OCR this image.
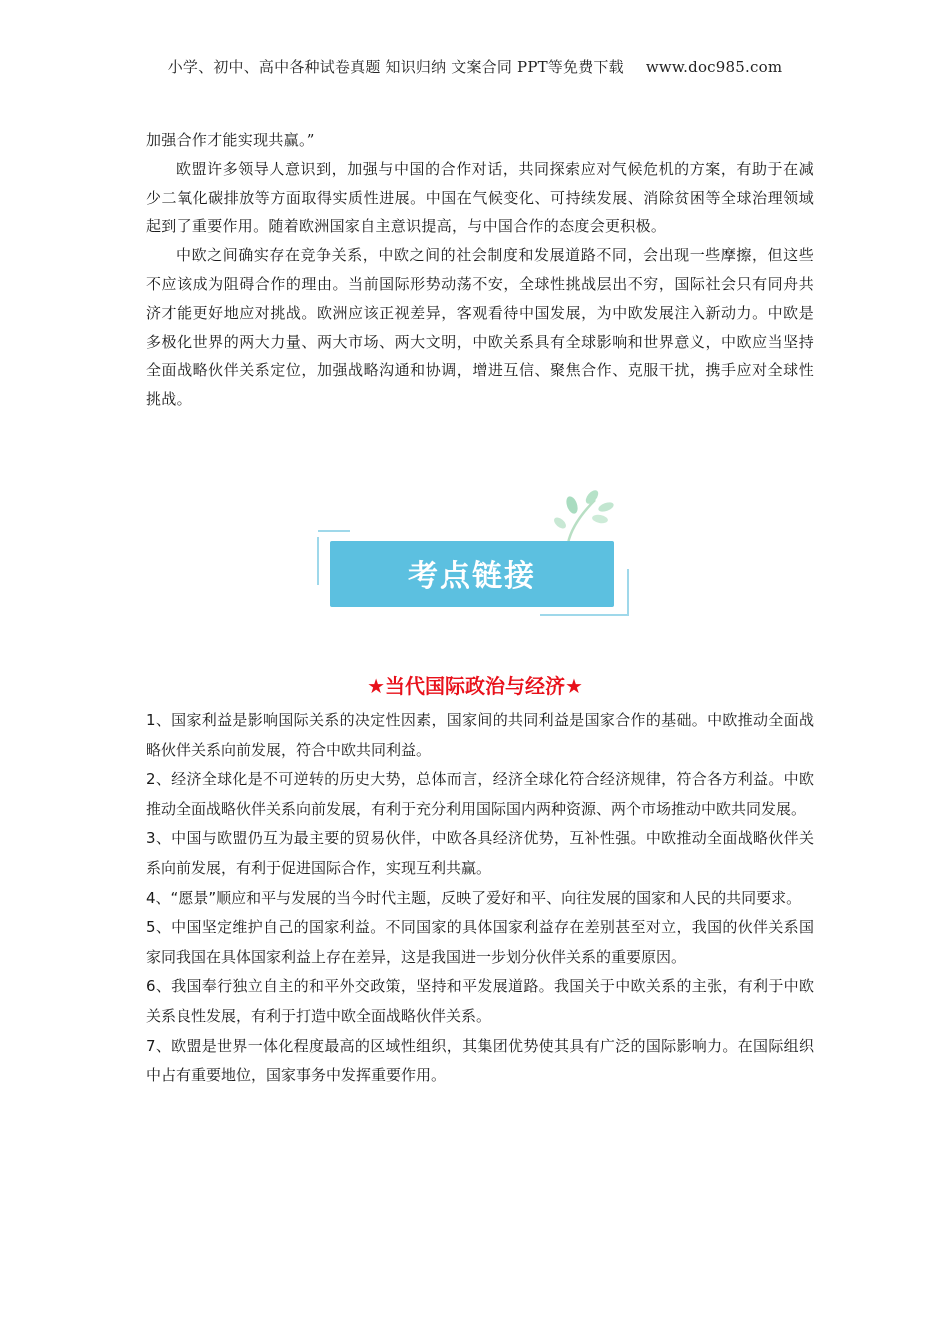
小学、初中、高中各种试卷真题 知识归纳 文案合同 PPT等免费下载 www.doc985.com

加强合作才能实现共赢。”

欧盟许多领导人意识到，加强与中国的合作对话，共同探索应对气候危机的方案，有助于在减少二氧化碳排放等方面取得实质性进展。中国在气候变化、可持续发展、消除贫困等全球治理领域起到了重要作用。随着欧洲国家自主意识提高，与中国合作的态度会更积极。

中欧之间确实存在竞争关系，中欧之间的社会制度和发展道路不同，会出现一些摩擦，但这些不应该成为阻碍合作的理由。当前国际形势动荡不安，全球性挑战层出不穷，国际社会只有同舟共济才能更好地应对挑战。欧洲应该正视差异，客观看待中国发展，为中欧发展注入新动力。中欧是多极化世界的两大力量、两大市场、两大文明，中欧关系具有全球影响和世界意义，中欧应当坚持全面战略伙伴关系定位，加强战略沟通和协调，增进互信、聚焦合作、克服干扰，携手应对全球性挑战。

考点链接
★当代国际政治与经济★

1、国家利益是影响国际关系的决定性因素，国家间的共同利益是国家合作的基础。中欧推动全面战略伙伴关系向前发展，符合中欧共同利益。

2、经济全球化是不可逆转的历史大势，总体而言，经济全球化符合经济规律，符合各方利益。中欧推动全面战略伙伴关系向前发展，有利于充分利用国际国内两种资源、两个市场推动中欧共同发展。

3、中国与欧盟仍互为最主要的贸易伙伴，中欧各具经济优势，互补性强。中欧推动全面战略伙伴关系向前发展，有利于促进国际合作，实现互利共赢。

4、“愿景”顺应和平与发展的当今时代主题，反映了爱好和平、向往发展的国家和人民的共同要求。

5、中国坚定维护自己的国家利益。不同国家的具体国家利益存在差别甚至对立，我国的伙伴关系国家同我国在具体国家利益上存在差异，这是我国进一步划分伙伴关系的重要原因。

6、我国奉行独立自主的和平外交政策，坚持和平发展道路。我国关于中欧关系的主张，有利于中欧关系良性发展，有利于打造中欧全面战略伙伴关系。

7、欧盟是世界一体化程度最高的区域性组织，其集团优势使其具有广泛的国际影响力。在国际组织中占有重要地位，国家事务中发挥重要作用。
